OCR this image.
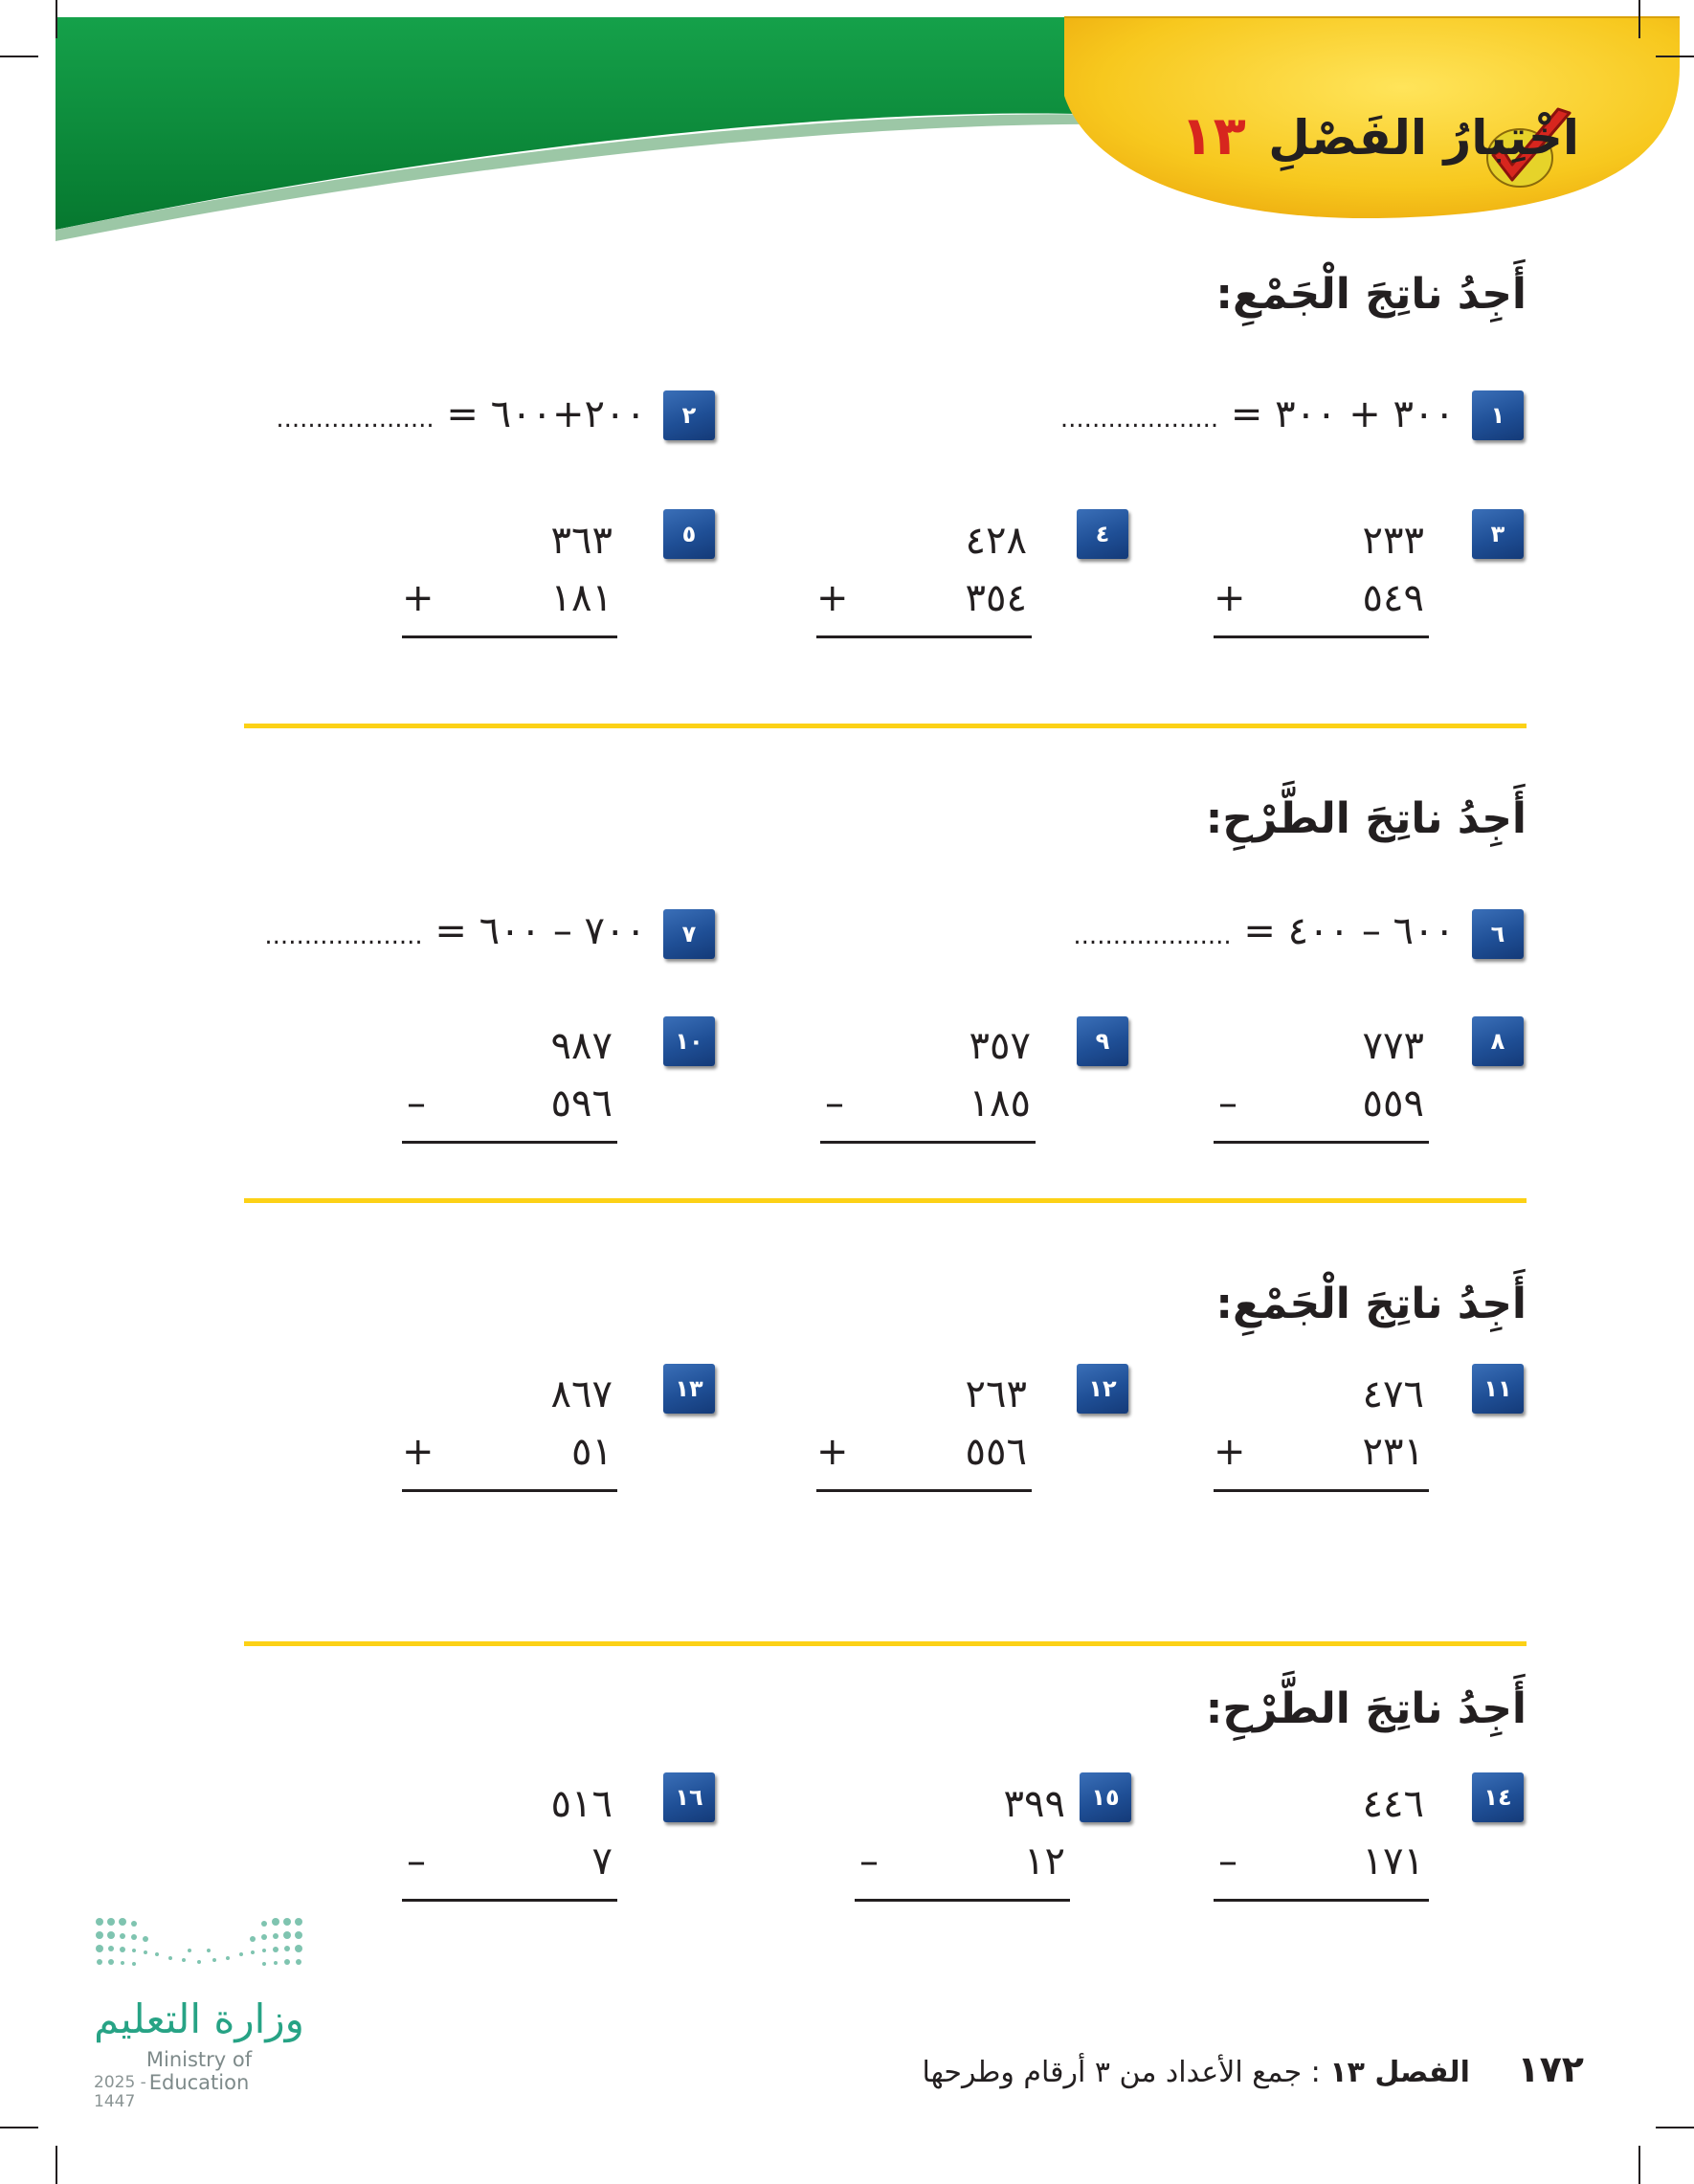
اخْتِبارُ الفَصْلِ ١٣
أَجِدُ ناتِجَ الْجَمْعِ:
أَجِدُ ناتِجَ الطَّرْحِ:
أَجِدُ ناتِجَ الْجَمْعِ:
أَجِدُ ناتِجَ الطَّرْحِ:
١
٣٠٠ + ٣٠٠ = ....................
٢
٢٠٠+٦٠٠ = ....................
٣
٢٣٣
+	٥٤٩
٤
٤٢٨
+	٣٥٤
٥
٣٦٣
+	١٨١
٦
٦٠٠ – ٤٠٠ = ....................
٧
٧٠٠ – ٦٠٠ = ....................
٨
٧٧٣
–	٥٥٩
٩
٣٥٧
–	١٨٥
١٠
٩٨٧
–	٥٩٦
١١
٤٧٦
+	٢٣١
١٢
٢٦٣
+	٥٥٦
١٣
٨٦٧
+	٥١
١٤
٤٤٦
–	١٧١
١٥
٣٩٩
–	١٢
١٦
٥١٦
–	٧
وزارة التعليم
Ministry of Education
2025 - 1447
١٧٢ الفصل ١٣ : جمع الأعداد من ٣ أرقام وطرحها
